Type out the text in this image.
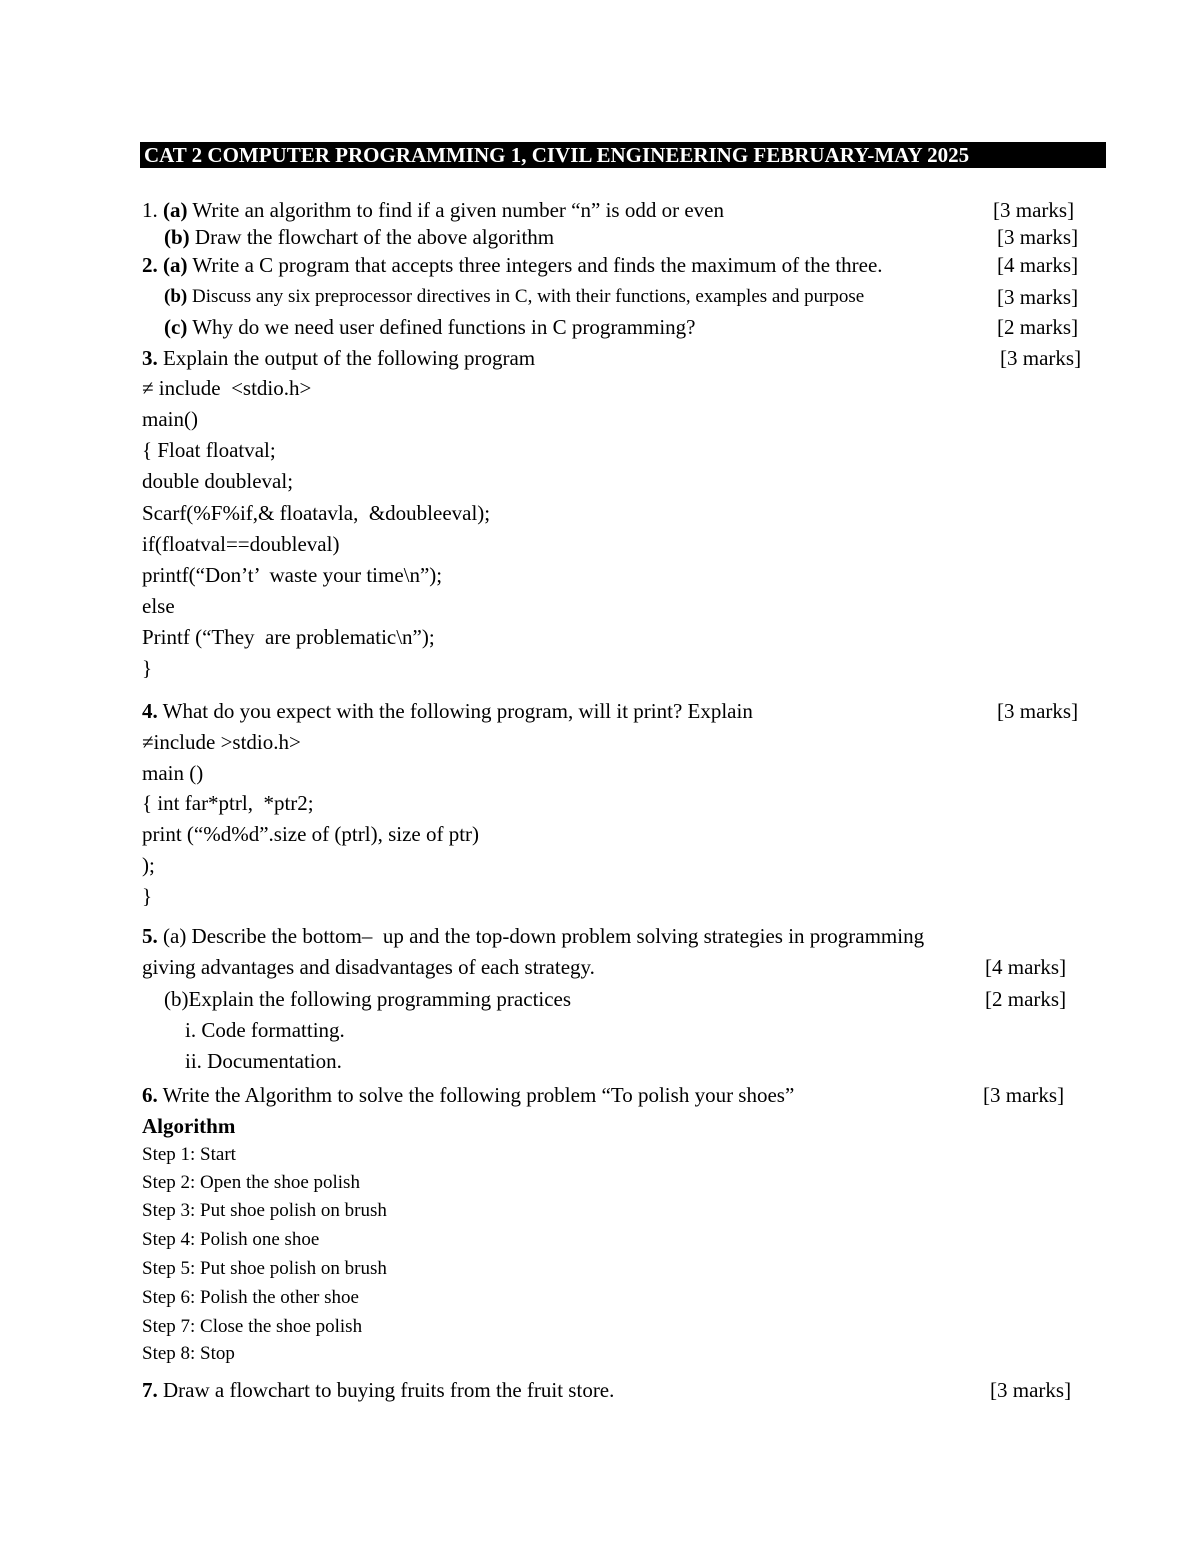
CAT 2 COMPUTER PROGRAMMING 1, CIVIL ENGINEERING FEBRUARY-MAY 2025
1. (a) Write an algorithm to find if a given number “n” is odd or even	[3 marks]
(b) Draw the flowchart of the above algorithm	[3 marks]
2. (a) Write a C program that accepts three integers and finds the maximum of the three.	[4 marks]
(b) Discuss any six preprocessor directives in C, with their functions, examples and purpose	[3 marks]
(c) Why do we need user defined functions in C programming?	[2 marks]
3. Explain the output of the following program	[3 marks]
≠ include  <stdio.h>
main()
{ Float floatval;
double doubleval;
Scarf(%F%if,& floatavla,  &doubleeval);
if(floatval==doubleval)
printf(“Don’t’  waste your time\n”);
else
Printf (“They  are problematic\n”);
}
4. What do you expect with the following program, will it print? Explain	[3 marks]
≠include >stdio.h>
main ()
{ int far*ptrl,  *ptr2;
print (“%d%d”.size of (ptrl), size of ptr)
);
}
5. (a) Describe the bottom–  up and the top-down problem solving strategies in programming
giving advantages and disadvantages of each strategy.	[4 marks]
(b)Explain the following programming practices	[2 marks]
i. Code formatting.
ii. Documentation.
6. Write the Algorithm to solve the following problem “To polish your shoes”	[3 marks]
Algorithm
Step 1: Start
Step 2: Open the shoe polish
Step 3: Put shoe polish on brush
Step 4: Polish one shoe
Step 5: Put shoe polish on brush
Step 6: Polish the other shoe
Step 7: Close the shoe polish
Step 8: Stop
7. Draw a flowchart to buying fruits from the fruit store.	[3 marks]
